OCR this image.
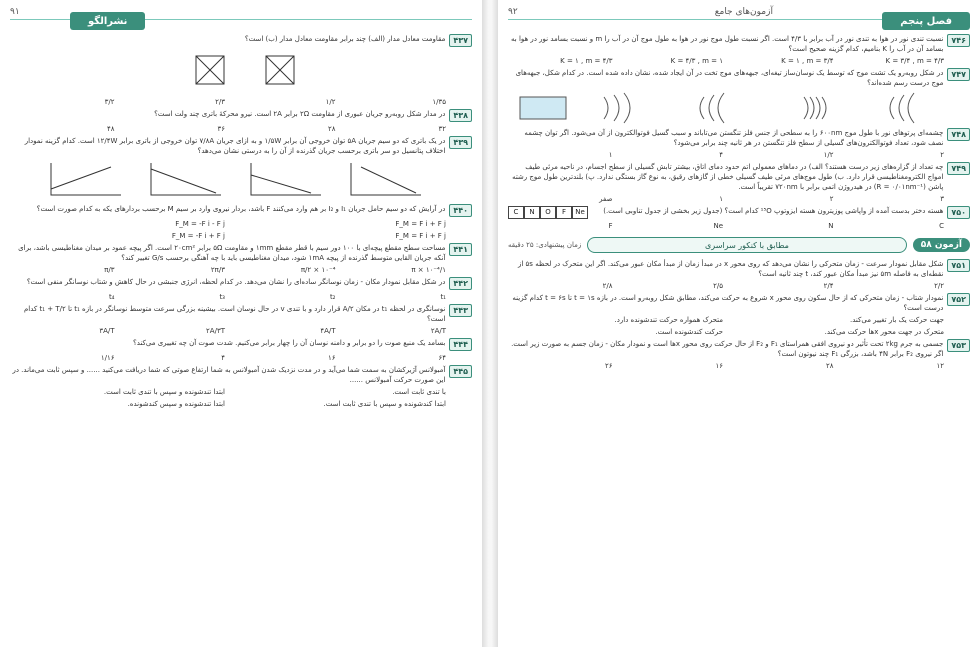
۹۱
نشرالگو
۴۳۷
مقاومت معادل مدار (الف) چند برابر مقاومت معادل مدار (ب) است؟
۱/۳۵
۱/۲
۲/۳
۳/۲
۴۳۸
در مدار شکل روبه‌رو جریان عبوری از مقاومت ۲Ω برابر ۲A است. نیرو محرکهٔ باتری چند ولت است؟
۳۲
۲۸
۳۶
۴۸
۴۳۹
در یک باتری که دو سیم جریان ۵A توان خروجی آن برابر ۱/۵W و به ازای جریان ۷/۸A توان خروجی از باتری برابر ۱۲/۴W است. کدام گزینه نمودار اختلاف پتانسیل دو سر باتری برحسب جریان گذرنده از آن را به درستی نشان می‌دهد؟
۴۴۰
در آرایش که دو سیم حامل جریان I₁ و I₂ بر هم وارد می‌کنند F باشد، بردار نیروی وارد بر سیم M برحسب بردارهای یکه به کدام صورت است؟
F_M = F i + F j
F_M = -F i - F j
F_M = F i + F j
F_M = -F i + F j
۴۴۱
مساحت سطح مقطع پیچه‌ای با ۱۰۰ دور سیم با قطر مقطع ۱mm و مقاومت ۵Ω برابر ۲۰cm² است. اگر پیچه عمود بر میدان مغناطیسی باشد، برای آنکه جریان القایی متوسط گذرنده از پیچه ۱mA شود، میدان مغناطیسی باید با چه آهنگی برحسب G/s تغییر کند؟
۱/π × ۱۰⁻⁴
π/۲ × ۱۰⁻⁴
۲π/۳
π/۳
۴۴۲
در شکل مقابل نمودار مکان - زمان نوسانگر ساده‌ای را نشان می‌دهد. در کدام لحظه، انرژی جنبشی در حال کاهش و شتاب نوسانگر منفی است؟
t₁
t₂
t₃
t₄
۴۴۳
نوسانگری در لحظه t₁ در مکان A/۲ قرار دارد و با تندی v در حال نوسان است. بیشینه بزرگی سرعت متوسط نوسانگر در بازه t₁ تا t₁ + T/۲ کدام است؟
۲A/T
۴A/T
۲A/۳T
۳A/T
۴۴۴
بسامد یک منبع صوت را دو برابر و دامنه نوسان آن را چهار برابر می‌کنیم. شدت صوت آن چه تغییری می‌کند؟
۶۴
۱۶
۴
۱/۱۶
۴۴۵
آمبولانس آژیرکشان به سمت شما می‌آید و در مدت نزدیک شدن آمبولانس به شما ارتفاع صوتی که شما دریافت می‌کنید ...... و سپس ثابت می‌ماند. در این صورت حرکت آمبولانس ......
با تندی ثابت است.
ابتدا تندشونده و سپس با تندی ثابت است.
ابتدا کندشونده و سپس با تندی ثابت است.
ابتدا تندشونده و سپس کندشونده.
۹۲	آزمون‌های جامع
فصل پنجم
۷۴۶
نسبت تندی نور در هوا به تندی نور در آب برابر با ۴/۳ است. اگر نسبت طول موج نور در هوا به طول موج آن در آب را m و نسبت بسامد نور در هوا به بسامد آن در آب را K بنامیم، کدام گزینه صحیح است؟
K = ۳/۴ , m = ۴/۳
K = ۱ , m = ۳/۴
K = ۴/۳ , m = ۱
K = ۱ , m = ۴/۳
۷۴۷
در شکل روبه‌رو یک تشت موج که توسط یک نوسان‌ساز تیغه‌ای، جبهه‌های موج تخت در آن ایجاد شده، نشان داده شده است. در کدام شکل، جبهه‌های موج درست رسم شده‌اند؟
۷۴۸
چشمه‌ای پرتوهای نور با طول موج ۶۰۰nm را به سطحی از جنس فلز تنگستن می‌تاباند و سبب گسیل فوتوالکترون از آن می‌شود. اگر توان چشمه نصف شود، تعداد فوتوالکترون‌های گسیلی از سطح فلز تنگستن در هر ثانیه چند برابر می‌شود؟
۲
۱/۲
۴
۱
۷۴۹
چه تعداد از گزاره‌های زیر درست هستند؟ الف) در دماهای معمولی اتم حدود دمای اتاق، بیشتر تابش گسیلی از سطح اجسام، در ناحیه مرئی طیف امواج الکترومغناطیسی قرار دارد. ب) طول موج‌های مرئی طیف گسیلی خطی از گازهای رقیق، به نوع گاز بستگی ندارد. پ) بلندترین طول موج رشته پاشن (R = ۰/۰۱nm⁻¹) در هیدروژن اتمی برابر با ۷۲۰nm تقریباً است.
۳
۲
۱
صفر
۷۵۰
هسته دختر بدست آمده از واپاشی پوزیترون هسته ایزوتوپ ¹⁵O کدام است؟ (جدول زیر بخشی از جدول تناوبی است.)
C	N	O	F	Ne
C
N
Ne
F
آزمون ۵۸
مطابق با کنکور سراسری
زمان پیشنهادی: ۲۵ دقیقه
۷۵۱
شکل مقابل نمودار سرعت - زمان متحرکی را نشان می‌دهد که روی محور x در مبدأ زمان از مبدأ مکان عبور می‌کند. اگر این متحرک در لحظه ۵s از نقطه‌ای به فاصله ۵m نیز مبدأ مکان عبور کند، t چند ثانیه است؟
۲/۲
۲/۴
۲/۵
۲/۸
۷۵۲
نمودار شتاب - زمان متحرکی که از حال سکون روی محور x شروع به حرکت می‌کند، مطابق شکل روبه‌رو است. در بازه t = ۱s تا t = ۶s کدام گزینه درست است؟
جهت حرکت یک بار تغییر می‌کند.
متحرک همواره حرکت تندشونده دارد.
متحرک در جهت محور x‌ها حرکت می‌کند.
حرکت کندشونده است.
۷۵۳
جسمی به جرم ۲kg تحت تأثیر دو نیروی افقی همراستای F₁ و F₂ از حال حرکت روی محور x‌ها است و نمودار مکان - زمان جسم به صورت زیر است. اگر نیروی F₂ برابر ۴N باشد، بزرگی F₁ چند نیوتون است؟
۱۲
۲۸
۱۶
۲۶
